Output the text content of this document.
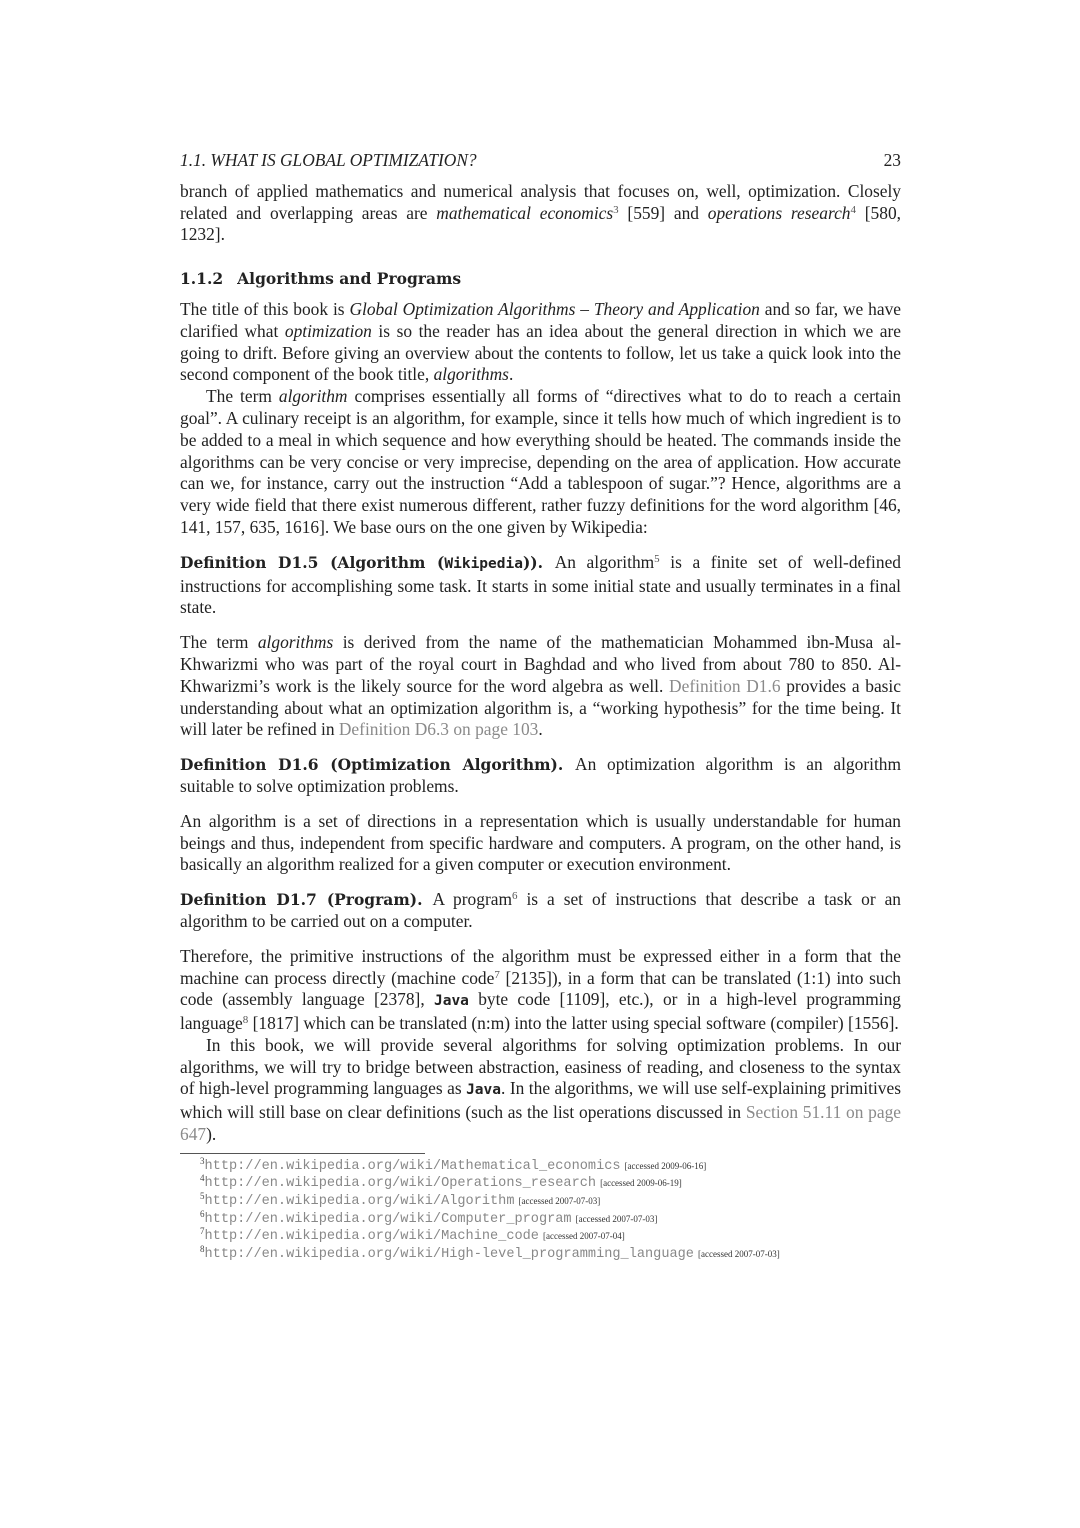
1.1. WHAT IS GLOBAL OPTIMIZATION?	23

branch of applied mathematics and numerical analysis that focuses on, well, optimization. Closely related and overlapping areas are mathematical economics$^3$ [559] and operations research$^4$ [580, 1232].

1.1.2 Algorithms and Programs

The title of this book is Global Optimization Algorithms – Theory and Application and so far, we have clarified what optimization is so the reader has an idea about the general direction in which we are going to drift. Before giving an overview about the contents to follow, let us take a quick look into the second component of the book title, algorithms.

The term algorithm comprises essentially all forms of “directives what to do to reach a certain goal”. A culinary receipt is an algorithm, for example, since it tells how much of which ingredient is to be added to a meal in which sequence and how everything should be heated. The commands inside the algorithms can be very concise or very imprecise, depending on the area of application. How accurate can we, for instance, carry out the instruction “Add a tablespoon of sugar.”? Hence, algorithms are a very wide field that there exist numerous different, rather fuzzy definitions for the word algorithm [46, 141, 157, 635, 1616]. We base ours on the one given by Wikipedia:

Definition D1.5 (Algorithm (Wikipedia)). An algorithm$^5$ is a finite set of well-defined instructions for accomplishing some task. It starts in some initial state and usually terminates in a final state.

The term algorithms is derived from the name of the mathematician Mohammed ibn-Musa al-Khwarizmi who was part of the royal court in Baghdad and who lived from about 780 to 850. Al-Khwarizmi’s work is the likely source for the word algebra as well. Definition D1.6 provides a basic understanding about what an optimization algorithm is, a “working hypothesis” for the time being. It will later be refined in Definition D6.3 on page 103.

Definition D1.6 (Optimization Algorithm). An optimization algorithm is an algorithm suitable to solve optimization problems.

An algorithm is a set of directions in a representation which is usually understandable for human beings and thus, independent from specific hardware and computers. A program, on the other hand, is basically an algorithm realized for a given computer or execution environment.

Definition D1.7 (Program). A program$^6$ is a set of instructions that describe a task or an algorithm to be carried out on a computer.

Therefore, the primitive instructions of the algorithm must be expressed either in a form that the machine can process directly (machine code$^7$ [2135]), in a form that can be translated (1:1) into such code (assembly language [2378], Java byte code [1109], etc.), or in a high-level programming language$^8$ [1817] which can be translated (n:m) into the latter using special software (compiler) [1556].

In this book, we will provide several algorithms for solving optimization problems. In our algorithms, we will try to bridge between abstraction, easiness of reading, and closeness to the syntax of high-level programming languages as Java. In the algorithms, we will use self-explaining primitives which will still base on clear definitions (such as the list operations discussed in Section 51.11 on page 647).

$^3$http://en.wikipedia.org/wiki/Mathematical_economics [accessed 2009-06-16]
$^4$http://en.wikipedia.org/wiki/Operations_research [accessed 2009-06-19]
$^5$http://en.wikipedia.org/wiki/Algorithm [accessed 2007-07-03]
$^6$http://en.wikipedia.org/wiki/Computer_program [accessed 2007-07-03]
$^7$http://en.wikipedia.org/wiki/Machine_code [accessed 2007-07-04]
$^8$http://en.wikipedia.org/wiki/High-level_programming_language [accessed 2007-07-03]
